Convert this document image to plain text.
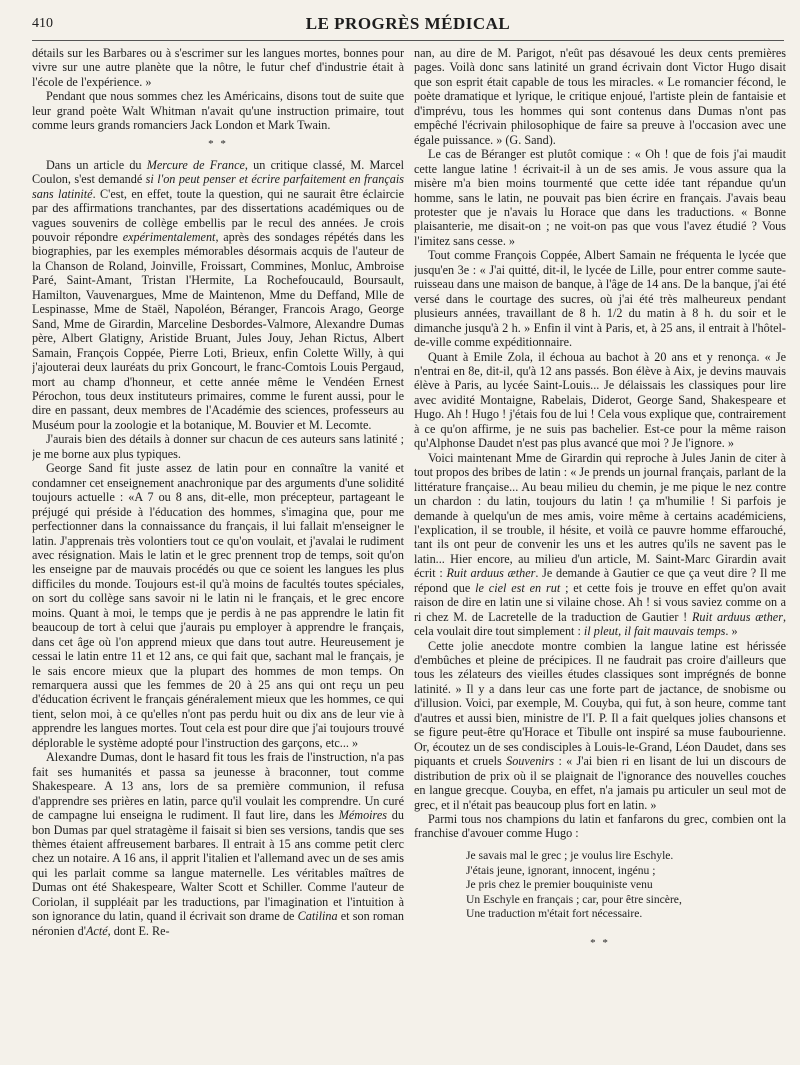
410	LE PROGRÈS MÉDICAL

détails sur les Barbares ou à s'escrimer sur les langues mortes, bonnes pour vivre sur une autre planète que la nôtre, le futur chef d'industrie était à l'école de l'expérience. »

Pendant que nous sommes chez les Américains, disons tout de suite que leur grand poète Walt Whitman n'avait qu'une instruction primaire, tout comme leurs grands romanciers Jack London et Mark Twain.

* *

Dans un article du Mercure de France, un critique classé, M. Marcel Coulon, s'est demandé si l'on peut penser et écrire parfaitement en français sans latinité. C'est, en effet, toute la question, qui ne saurait être éclaircie par des affirmations tranchantes, par des dissertations académiques ou de vagues souvenirs de collège embellis par le recul des années. Je crois pouvoir répondre expérimentalement, après des sondages répétés dans les biographies, par les exemples mémorables désormais acquis de l'auteur de la Chanson de Roland, Joinville, Froissart, Commines, Monluc, Ambroise Paré, Saint-Amant, Tristan l'Hermite, La Rochefoucauld, Boursault, Hamilton, Vauvenargues, Mme de Maintenon, Mme du Deffand, Mlle de Lespinasse, Mme de Staël, Napoléon, Béranger, Francois Arago, George Sand, Mme de Girardin, Marceline Desbordes-Valmore, Alexandre Dumas père, Albert Glatigny, Aristide Bruant, Jules Jouy, Jehan Rictus, Albert Samain, François Coppée, Pierre Loti, Brieux, enfin Colette Willy, à qui j'ajouterai deux lauréats du prix Goncourt, le franc-Comtois Louis Pergaud, mort au champ d'honneur, et cette année même le Vendéen Ernest Pérochon, tous deux instituteurs primaires, comme le furent aussi, pour le dire en passant, deux membres de l'Académie des sciences, professeurs au Muséum pour la zoologie et la botanique, M. Bouvier et M. Lecomte.

J'aurais bien des détails à donner sur chacun de ces auteurs sans latinité ; je me borne aux plus typiques.

George Sand fit juste assez de latin pour en connaître la vanité et condamner cet enseignement anachronique par des arguments d'une solidité toujours actuelle : «A 7 ou 8 ans, dit-elle, mon précepteur, partageant le préjugé qui préside à l'éducation des hommes, s'imagina que, pour me perfectionner dans la connaissance du français, il lui fallait m'enseigner le latin. J'apprenais très volontiers tout ce qu'on voulait, et j'avalai le rudiment avec résignation. Mais le latin et le grec prennent trop de temps, soit qu'on les enseigne par de mauvais procédés ou que ce soient les langues les plus difficiles du monde. Toujours est-il qu'à moins de facultés toutes spéciales, on sort du collège sans savoir ni le latin ni le français, et le grec encore moins. Quant à moi, le temps que je perdis à ne pas apprendre le latin fit beaucoup de tort à celui que j'aurais pu employer à apprendre le français, dans cet âge où l'on apprend mieux que dans tout autre. Heureusement je cessai le latin entre 11 et 12 ans, ce qui fait que, sachant mal le français, je le sais encore mieux que la plupart des hommes de mon temps. On remarquera aussi que les femmes de 20 à 25 ans qui ont reçu un peu d'éducation écrivent le français généralement mieux que les hommes, ce qui tient, selon moi, à ce qu'elles n'ont pas perdu huit ou dix ans de leur vie à apprendre les langues mortes. Tout cela est pour dire que j'ai toujours trouvé déplorable le système adopté pour l'instruction des garçons, etc... »

Alexandre Dumas, dont le hasard fit tous les frais de l'instruction, n'a pas fait ses humanités et passa sa jeunesse à braconner, tout comme Shakespeare. A 13 ans, lors de sa première communion, il refusa d'apprendre ses prières en latin, parce qu'il voulait les comprendre. Un curé de campagne lui enseigna le rudiment. Il faut lire, dans les Mémoires du bon Dumas par quel stratagème il faisait si bien ses versions, tandis que ses thèmes étaient affreusement barbares. Il entrait à 15 ans comme petit clerc chez un notaire. A 16 ans, il apprit l'italien et l'allemand avec un de ses amis qui les parlait comme sa langue maternelle. Les véritables maîtres de Dumas ont été Shakespeare, Walter Scott et Schiller. Comme l'auteur de Coriolan, il suppléait par les traductions, par l'imagination et l'intuition à son ignorance du latin, quand il écrivait son drame de Catilina et son roman néronien d'Acté, dont E. Re-

nan, au dire de M. Parigot, n'eût pas désavoué les deux cents premières pages. Voilà donc sans latinité un grand écrivain dont Victor Hugo disait que son esprit était capable de tous les miracles. « Le romancier fécond, le poète dramatique et lyrique, le critique enjoué, l'artiste plein de fantaisie et d'imprévu, tous les hommes qui sont contenus dans Dumas n'ont pas empêché l'écrivain philosophique de faire sa preuve à l'occasion avec une égale puissance. » (G. Sand).

Le cas de Béranger est plutôt comique : « Oh ! que de fois j'ai maudit cette langue latine ! écrivait-il à un de ses amis. Je vous assure qua la misère m'a bien moins tourmenté que cette idée tant répandue qu'un homme, sans le latin, ne pouvait pas bien écrire en français. J'avais beau protester que je n'avais lu Horace que dans les traductions. « Bonne plaisanterie, me disait-on ; ne voit-on pas que vous l'avez étudié ? Vous l'imitez sans cesse. »

Tout comme François Coppée, Albert Samain ne fréquenta le lycée que jusqu'en 3e : « J'ai quitté, dit-il, le lycée de Lille, pour entrer comme saute-ruisseau dans une maison de banque, à l'âge de 14 ans. De la banque, j'ai été versé dans le courtage des sucres, où j'ai été très malheureux pendant plusieurs années, travaillant de 8 h. 1/2 du matin à 8 h. du soir et le dimanche jusqu'à 2 h. » Enfin il vint à Paris, et, à 25 ans, il entrait à l'hôtel-de-ville comme expéditionnaire.

Quant à Emile Zola, il échoua au bachot à 20 ans et y renonça. « Je n'entrai en 8e, dit-il, qu'à 12 ans passés. Bon élève à Aix, je devins mauvais élève à Paris, au lycée Saint-Louis... Je délaissais les classiques pour lire avec avidité Montaigne, Rabelais, Diderot, George Sand, Shakespeare et Hugo. Ah ! Hugo ! j'étais fou de lui ! Cela vous explique que, contrairement à ce qu'on affirme, je ne suis pas bachelier. Est-ce pour la même raison qu'Alphonse Daudet n'est pas plus avancé que moi ? Je l'ignore. »

Voici maintenant Mme de Girardin qui reproche à Jules Janin de citer à tout propos des bribes de latin : « Je prends un journal français, parlant de la littérature française... Au beau milieu du chemin, je me pique le nez contre un chardon : du latin, toujours du latin ! ça m'humilie ! Si parfois je demande à quelqu'un de mes amis, voire même à certains académiciens, l'explication, il se trouble, il hésite, et voilà ce pauvre homme effarouché, tant ils ont peur de convenir les uns et les autres qu'ils ne savent pas le latin... Hier encore, au milieu d'un article, M. Saint-Marc Girardin avait écrit : Ruit arduus æther. Je demande à Gautier ce que ça veut dire ? Il me répond que le ciel est en rut ; et cette fois je trouve en effet qu'on avait raison de dire en latin une si vilaine chose. Ah ! si vous saviez comme on a ri chez M. de Lacretelle de la traduction de Gautier ! Ruit arduus æther, cela voulait dire tout simplement : il pleut, il fait mauvais temps. »

Cette jolie anecdote montre combien la langue latine est hérissée d'embûches et pleine de précipices. Il ne faudrait pas croire d'ailleurs que tous les zélateurs des vieilles études classiques sont imprégnés de bonne latinité. » Il y a dans leur cas une forte part de jactance, de snobisme ou d'illusion. Voici, par exemple, M. Couyba, qui fut, à son heure, comme tant d'autres et aussi bien, ministre de l'I. P. Il a fait quelques jolies chansons et se figure peut-être qu'Horace et Tibulle ont inspiré sa muse faubourienne. Or, écoutez un de ses condisciples à Louis-le-Grand, Léon Daudet, dans ses piquants et cruels Souvenirs : « J'ai bien ri en lisant de lui un discours de distribution de prix où il se plaignait de l'ignorance des nouvelles couches en langue grecque. Couyba, en effet, n'a jamais pu articuler un seul mot de grec, et il n'était pas beaucoup plus fort en latin. »

Parmi tous nos champions du latin et fanfarons du grec, combien ont la franchise d'avouer comme Hugo :

Je savais mal le grec ; je voulus lire Eschyle.
J'étais jeune, ignorant, innocent, ingénu ;
Je pris chez le premier bouquiniste venu
Un Eschyle en français ; car, pour être sincère,
Une traduction m'était fort nécessaire.
* *
